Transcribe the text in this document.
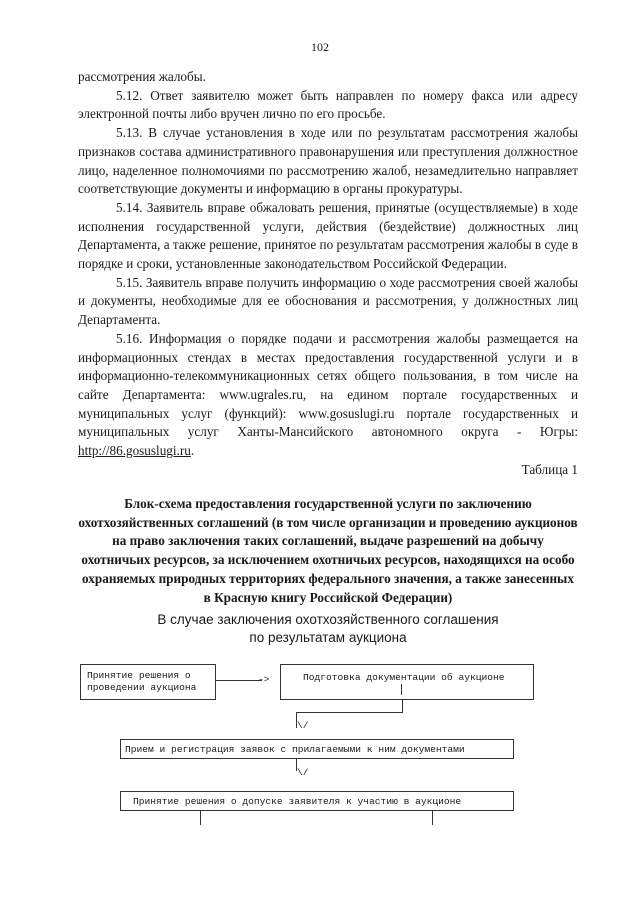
102

рассмотрения жалобы.

5.12. Ответ заявителю может быть направлен по номеру факса или адресу электронной почты либо вручен лично по его просьбе.

5.13. В случае установления в ходе или по результатам рассмотрения жалобы признаков состава административного правонарушения или преступления должностное лицо, наделенное полномочиями по рассмотрению жалоб, незамедлительно направляет соответствующие документы и информацию в органы прокуратуры.

5.14. Заявитель вправе обжаловать решения, принятые (осуществляемые) в ходе исполнения государственной услуги, действия (бездействие) должностных лиц Департамента, а также решение, принятое по результатам рассмотрения жалобы в суде в порядке и сроки, установленные законодательством Российской Федерации.

5.15. Заявитель вправе получить информацию о ходе рассмотрения своей жалобы и документы, необходимые для ее обоснования и рассмотрения, у должностных лиц Департамента.

5.16. Информация о порядке подачи и рассмотрения жалобы размещается на информационных стендах в местах предоставления государственной услуги и в информационно-телекоммуникационных сетях общего пользования, в том числе на сайте Департамента: www.ugrales.ru, на едином портале государственных и муниципальных услуг (функций): www.gosuslugi.ru портале государственных и муниципальных услуг Ханты-Мансийского автономного округа - Югры: http://86.gosuslugi.ru.

Таблица 1

Блок-схема предоставления государственной услуги по заключению охотхозяйственных соглашений (в том числе организации и проведению аукционов на право заключения таких соглашений, выдаче разрешений на добычу охотничьих ресурсов, за исключением охотничьих ресурсов, находящихся на особо охраняемых природных территориях федерального значения, а также занесенных в Красную книгу Российской Федерации)
В случае заключения охотхозяйственного соглашения
по результатам аукциона
Принятие решения о
проведении аукциона
->	Подготовка документации об аукционе
\/
Прием и регистрация заявок с прилагаемыми к ним документами
\/
Принятие решения о допуске заявителя к участию в аукционе
